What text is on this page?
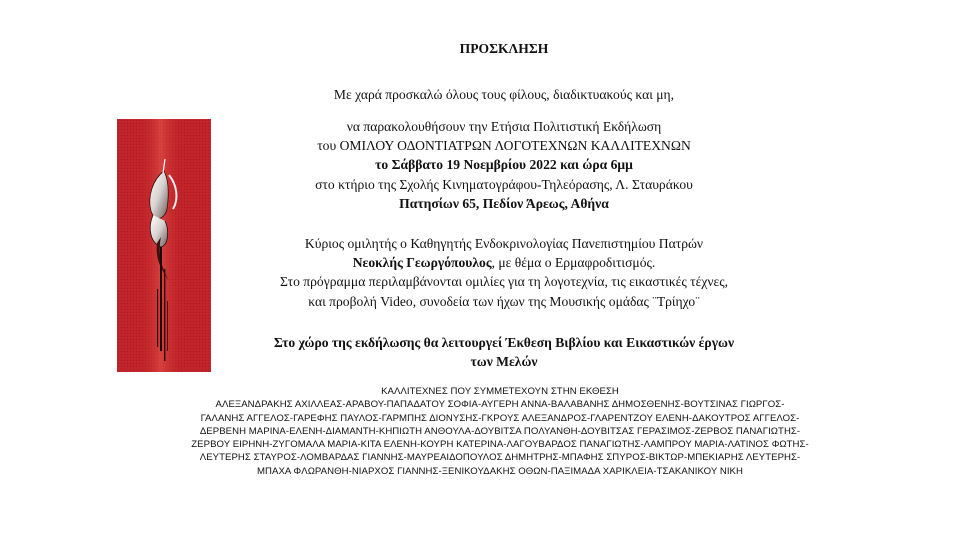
ΠΡΟΣΚΛΗΣΗ
Με χαρά προσκαλώ όλους τους φίλους, διαδικτυακούς και μη,
να παρακολουθήσουν την Ετήσια Πολιτιστική Εκδήλωση
του ΟΜΙΛΟΥ ΟΔΟΝΤΙΑΤΡΩΝ ΛΟΓΟΤΕΧΝΩΝ ΚΑΛΛΙΤΕΧΝΩΝ
το Σάββατο 19 Νοεμβρίου 2022 και ώρα 6μμ
στο κτήριο της Σχολής Κινηματογράφου-Τηλεόρασης, Λ. Σταυράκου
Πατησίων 65, Πεδίον Άρεως, Αθήνα
Κύριος ομιλητής ο Καθηγητής Ενδοκρινολογίας Πανεπιστημίου Πατρών
Νεοκλής Γεωργόπουλος, με θέμα ο Ερμαφροδιτισμός.
Στο πρόγραμμα περιλαμβάνονται ομιλίες για τη λογοτεχνία, τις εικαστικές τέχνες,
και προβολή Video, συνοδεία των ήχων της Μουσικής ομάδας ¨Τρίηχο¨
Στο χώρο της εκδήλωσης θα λειτουργεί Έκθεση Βιβλίου και Εικαστικών έργων
των Μελών
ΚΑΛΛΙΤΕΧΝΕΣ ΠΟΥ ΣΥΜΜΕΤΕΧΟΥΝ ΣΤΗΝ ΕΚΘΕΣΗ
ΑΛΕΞΑΝΔΡΑΚΗΣ ΑΧΙΛΛΕΑΣ-ΑΡΑΒΟΥ-ΠΑΠΑΔΑΤΟΥ ΣΟΦΙΑ-ΑΥΓΕΡΗ ΑΝΝΑ-ΒΑΛΑΒΑΝΗΣ ΔΗΜΟΣΘΕΝΗΣ-ΒΟΥΤΣΙΝΑΣ ΓΙΩΡΓΟΣ-
ΓΑΛΑΝΗΣ ΑΓΓΕΛΟΣ-ΓΑΡΕΦΗΣ ΠΑΥΛΟΣ-ΓΑΡΜΠΗΣ ΔΙΟΝΥΣΗΣ-ΓΚΡΟΥΣ ΑΛΕΞΑΝΔΡΟΣ-ΓΛΑΡΕΝΤΖΟΥ ΕΛΕΝΗ-ΔΑΚΟΥΤΡΟΣ ΑΓΓΕΛΟΣ-
ΔΕΡΒΕΝΗ ΜΑΡΙΝΑ-ΕΛΕΝΗ-ΔΙΑΜΑΝΤΗ-ΚΗΠΙΩΤΗ ΑΝΘΟΥΛΑ-ΔΟΥΒΙΤΣΑ ΠΟΛΥΑΝΘΗ-ΔΟΥΒΙΤΣΑΣ ΓΕΡΑΣΙΜΟΣ-ΖΕΡΒΟΣ ΠΑΝΑΓΙΩΤΗΣ-
ΖΕΡΒΟΥ ΕΙΡΗΝΗ-ΖΥΓΟΜΑΛΑ ΜΑΡΙΑ-ΚΙΤΑ ΕΛΕΝΗ-ΚΟΥΡΗ ΚΑΤΕΡΙΝΑ-ΛΑΓΟΥΒΑΡΔΟΣ ΠΑΝΑΓΙΩΤΗΣ-ΛΑΜΠΡΟΥ ΜΑΡΙΑ-ΛΑΤΙΝΟΣ ΦΩΤΗΣ-
ΛΕΥΤΕΡΗΣ ΣΤΑΥΡΟΣ-ΛΟΜΒΑΡΔΑΣ ΓΙΑΝΝΗΣ-ΜΑΥΡΕΑΙΔΟΠΟΥΛΟΣ ΔΗΜΗΤΡΗΣ-ΜΠΑΦΗΣ ΣΠΥΡΟΣ-ΒΙΚΤΩΡ-ΜΠΕΚΙΑΡΗΣ ΛΕΥΤΕΡΗΣ-
ΜΠΑΧΑ ΦΛΩΡΑΝΘΗ-ΝΙΑΡΧΟΣ ΓΙΑΝΝΗΣ-ΞΕΝΙΚΟΥΔΑΚΗΣ ΟΘΩΝ-ΠΑΞΙΜΑΔΑ ΧΑΡΙΚΛΕΙΑ-ΤΣΑΚΑΝΙΚΟΥ ΝΙΚΗ
